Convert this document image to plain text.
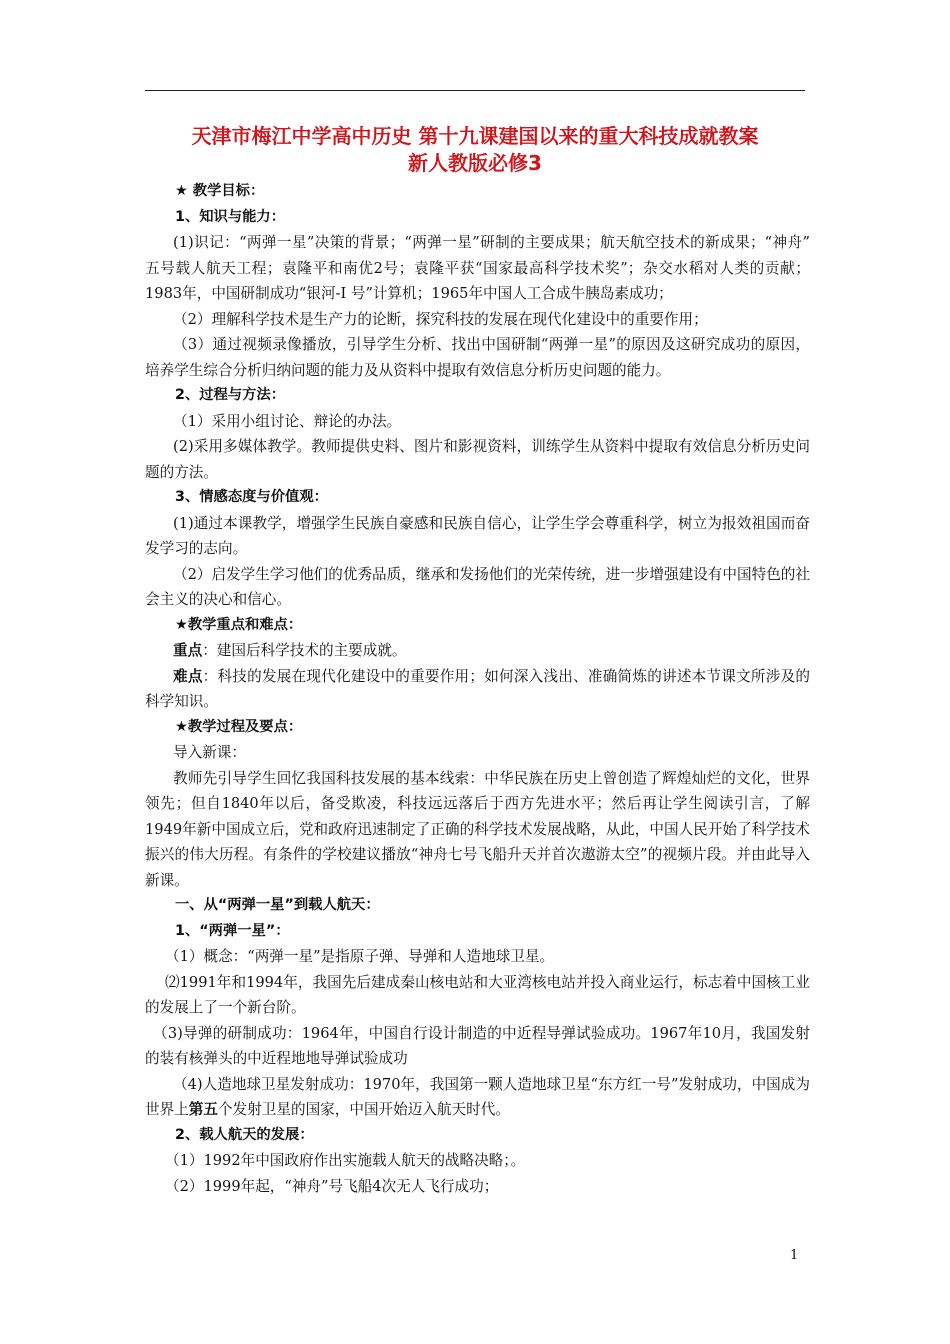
天津市梅江中学高中历史 第十九课建国以来的重大科技成就教案
新人教版必修3

★ 教学目标：

1、知识与能力：

(1)识记：“两弹一星”决策的背景；“两弹一星”研制的主要成果；航天航空技术的新成果；“神舟” 五号载人航天工程；袁隆平和南优2号；袁隆平获“国家最高科学技术奖”；杂交水稻对人类的贡献；1983年，中国研制成功“银河-Ⅰ 号”计算机；1965年中国人工合成牛胰岛素成功；

（2）理解科学技术是生产力的论断，探究科技的发展在现代化建设中的重要作用；

（3）通过视频录像播放，引导学生分析、找出中国研制“两弹一星”的原因及这研究成功的原因，培养学生综合分析归纳问题的能力及从资料中提取有效信息分析历史问题的能力。

2、过程与方法：

（1）采用小组讨论、辩论的办法。

(2)采用多媒体教学。教师提供史料、图片和影视资料，训练学生从资料中提取有效信息分析历史问题的方法。

3、情感态度与价值观：

(1)通过本课教学，增强学生民族自豪感和民族自信心，让学生学会尊重科学，树立为报效祖国而奋发学习的志向。

（2）启发学生学习他们的优秀品质，继承和发扬他们的光荣传统，进一步增强建设有中国特色的社会主义的决心和信心。

★教学重点和难点：

重点：建国后科学技术的主要成就。

难点：科技的发展在现代化建设中的重要作用；如何深入浅出、准确简炼的讲述本节课文所涉及的科学知识。

★教学过程及要点：

导入新课：

教师先引导学生回忆我国科技发展的基本线索：中华民族在历史上曾创造了辉煌灿烂的文化，世界领先；但自1840年以后，备受欺凌，科技远远落后于西方先进水平；然后再让学生阅读引言，了解1949年新中国成立后，党和政府迅速制定了正确的科学技术发展战略，从此，中国人民开始了科学技术振兴的伟大历程。有条件的学校建议播放“神舟七号飞船升天并首次遨游太空”的视频片段。并由此导入新课。

一、从“两弹一星”到载人航天：

1、“两弹一星”：

（1）概念：“两弹一星”是指原子弹、导弹和人造地球卫星。

⑵1991年和1994年，我国先后建成秦山核电站和大亚湾核电站并投入商业运行，标志着中国核工业的发展上了一个新台阶。

（3)导弹的研制成功：1964年，中国自行设计制造的中近程导弹试验成功。1967年10月，我国发射的装有核弹头的中近程地地导弹试验成功

（4)人造地球卫星发射成功：1970年，我国第一颗人造地球卫星“东方红一号”发射成功，中国成为世界上第五个发射卫星的国家，中国开始迈入航天时代。

2、载人航天的发展：

（1）1992年中国政府作出实施载人航天的战略决略；。

（2）1999年起，“神舟”号飞船4次无人飞行成功；

1
